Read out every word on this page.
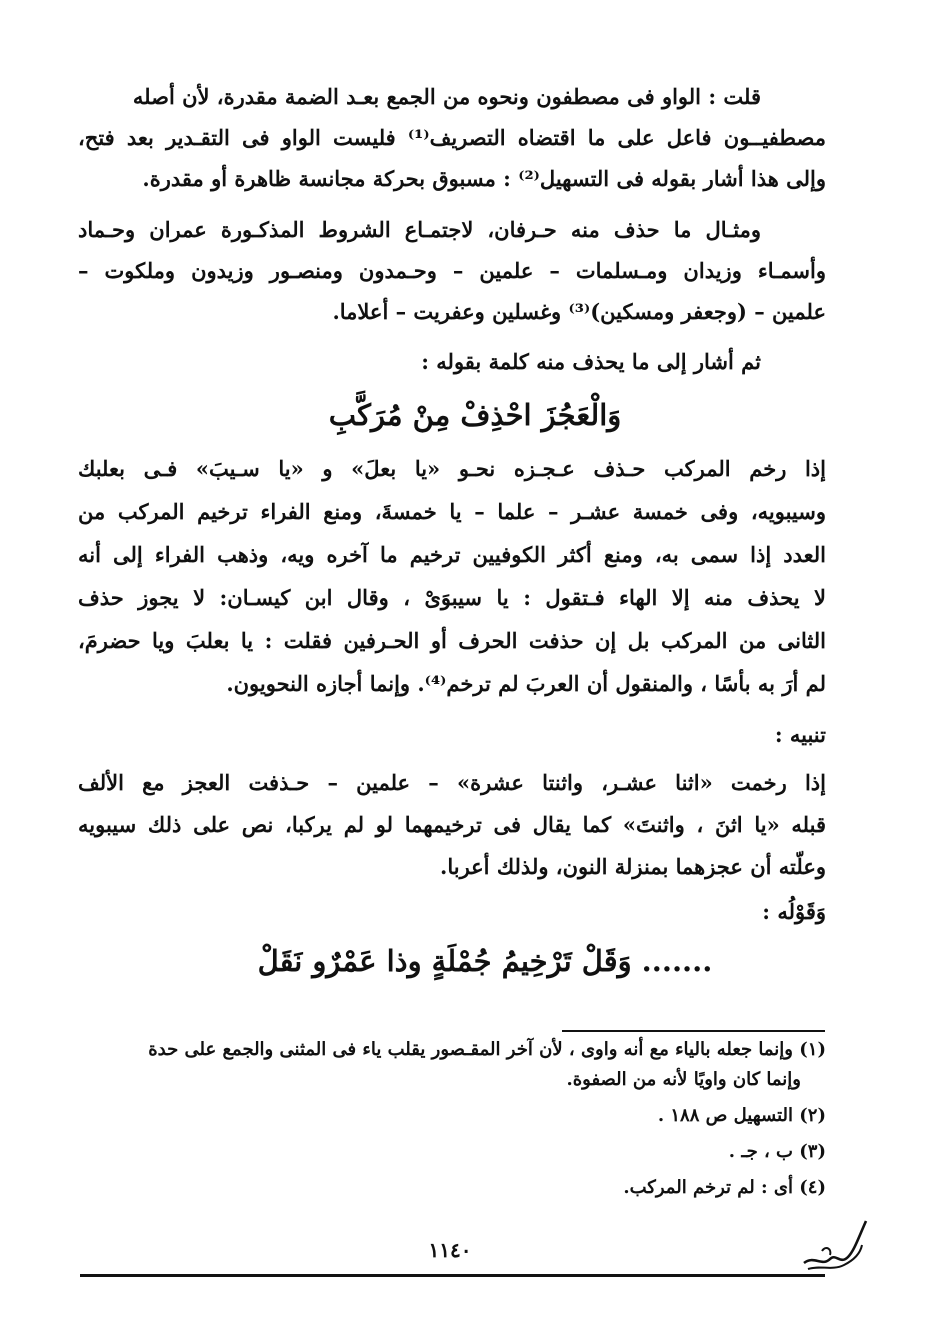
قلت : الواو فى مصطفون ونحوه من الجمع بعـد الضمة مقدرة، لأن أصله
مصطفيــون فاعل على ما اقتضاه التصريف⁽¹⁾ فليست الواو فى التقـدير بعد فتح،
وإلى هذا أشار بقوله فى التسهيل⁽²⁾ : مسبوق بحركة مجانسة ظاهرة أو مقدرة.
ومثـال ما حذف منه حـرفان، لاجتمـاع الشروط المذكـورة عمران وحـماد
وأسمـاء وزيدان ومـسلمات – علمين – وحـمدون ومنصـور وزيدون وملكوت –
علمين – (وجعفر ومسكين)⁽³⁾ وغسلين وعفريت – أعلاما.
ثم أشار إلى ما يحذف منه كلمة بقوله :
وَالْعَجُزَ احْذِفْ مِنْ مُرَكَّبِ
إذا رخم المركب حـذف عـجـزه نحـو «يا بعلَ» و «يا سـيبَ» فـى بعلبك
وسيبويه، وفى خمسة عشـر – علما – يا خمسةَ، ومنع الفراء ترخيم المركب من
العدد إذا سمى به، ومنع أكثر الكوفيين ترخيم ما آخره ويه، وذهب الفراء إلى أنه
لا يحذف منه إلا الهاء فـتقول : يا سيبوَىْ ، وقال ابن كيسـان: لا يجوز حذف
الثانى من المركب بل إن حذفت الحرف أو الحـرفين فقلت : يا بعلبَ ويا حضرمَ،
لم أرَ به بأسًا ، والمنقول أن العربَ لم ترخم⁽⁴⁾. وإنما أجازه النحويون.
تنبيه :
إذا رخمت «اثنا عشـر، واثنتا عشرة» – علمين – حـذفت العجز مع الألف
قبله «يا اثنَ ، واثنتَ» كما يقال فى ترخيمهما لو لم يركبا، نص على ذلك سيبويه
وعلّته أن عجزهما بمنزلة النون، ولذلك أعربا.
وَقَوْلُه :
....... وَقَلْ تَرْخِيمُ جُمْلَةٍ وذا عَمْرٌو نَقَلْ
(١) وإنما جعله بالياء مع أنه واوى ، لأن آخر المقـصور يقلب ياء فى المثنى والجمع على حدة
وإنما كان واويًا لأنه من الصفوة.
(٢) التسهيل ص ١٨٨ .
(٣) ب ، جـ .
(٤) أى : لم ترخم المركب.
١١٤٠
